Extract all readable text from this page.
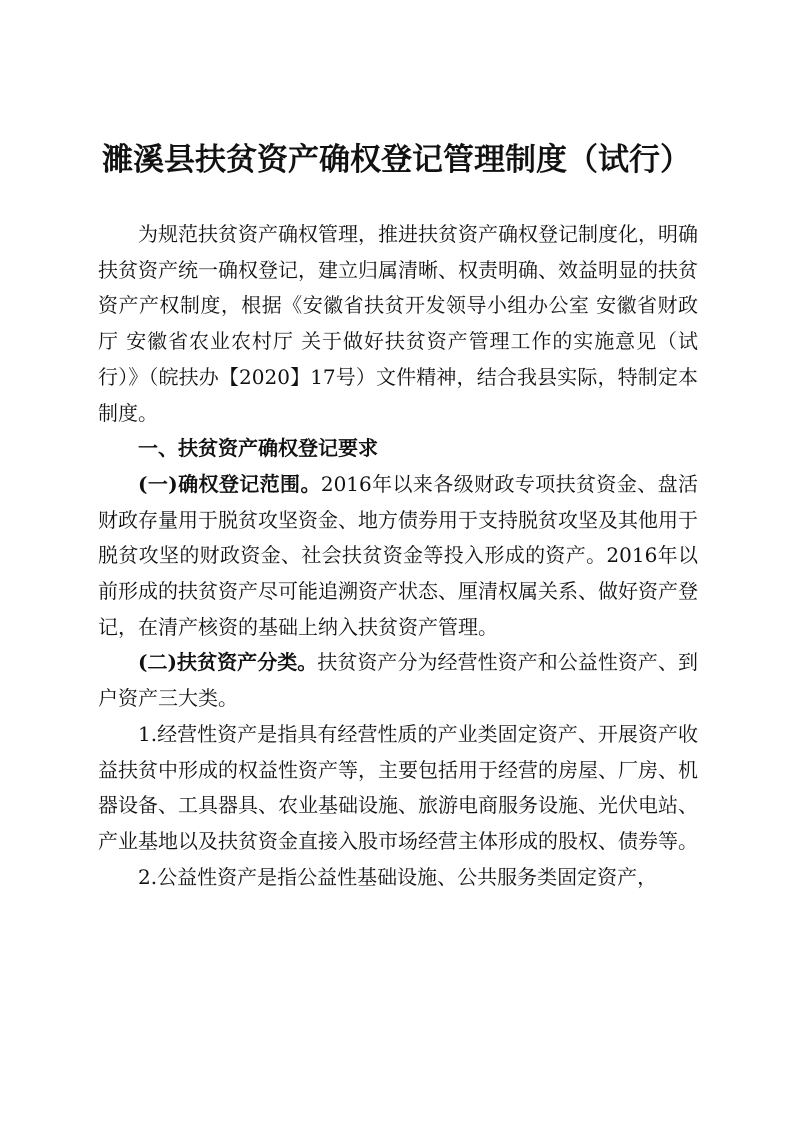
濉溪县扶贫资产确权登记管理制度（试行）

为规范扶贫资产确权管理，推进扶贫资产确权登记制度化，明确扶贫资产统一确权登记，建立归属清晰、权责明确、效益明显的扶贫资产产权制度，根据《安徽省扶贫开发领导小组办公室 安徽省财政厅 安徽省农业农村厅 关于做好扶贫资产管理工作的实施意见（试行）》（皖扶办【2020】17号）文件精神，结合我县实际，特制定本制度。

一、扶贫资产确权登记要求

(一)确权登记范围。2016年以来各级财政专项扶贫资金、盘活财政存量用于脱贫攻坚资金、地方债券用于支持脱贫攻坚及其他用于脱贫攻坚的财政资金、社会扶贫资金等投入形成的资产。2016年以前形成的扶贫资产尽可能追溯资产状态、厘清权属关系、做好资产登记，在清产核资的基础上纳入扶贫资产管理。

(二)扶贫资产分类。扶贫资产分为经营性资产和公益性资产、到户资产三大类。

1.经营性资产是指具有经营性质的产业类固定资产、开展资产收益扶贫中形成的权益性资产等，主要包括用于经营的房屋、厂房、机器设备、工具器具、农业基础设施、旅游电商服务设施、光伏电站、产业基地以及扶贫资金直接入股市场经营主体形成的股权、债券等。

2.公益性资产是指公益性基础设施、公共服务类固定资产，
